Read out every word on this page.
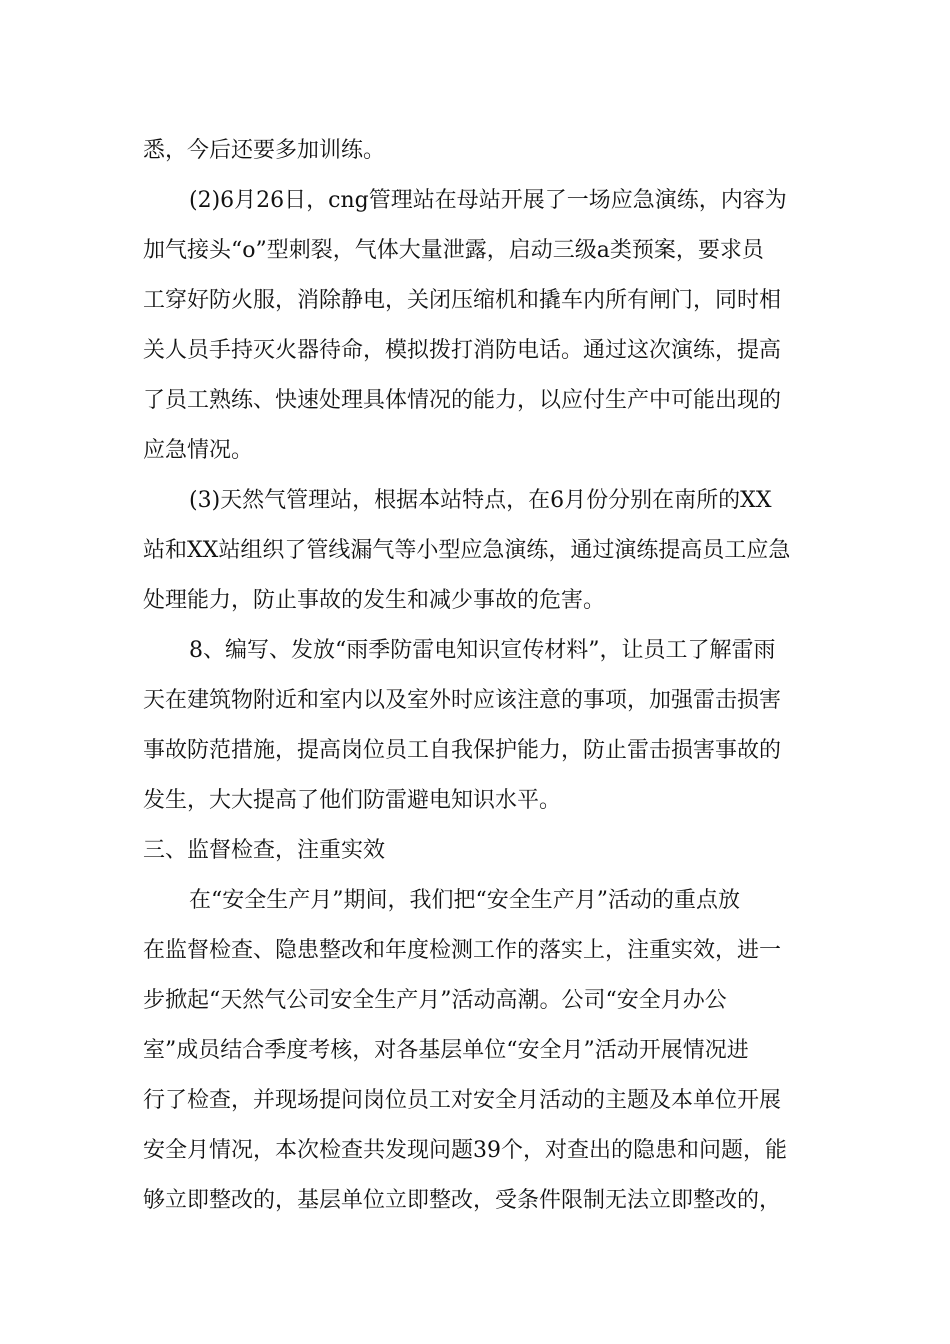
悉，今后还要多加训练。
(2)6月26日，cng管理站在母站开展了一场应急演练，内容为
加气接头“o”型刺裂，气体大量泄露，启动三级a类预案，要求员
工穿好防火服，消除静电，关闭压缩机和撬车内所有闸门，同时相
关人员手持灭火器待命，模拟拨打消防电话。通过这次演练，提高
了员工熟练、快速处理具体情况的能力，以应付生产中可能出现的
应急情况。
(3)天然气管理站，根据本站特点，在6月份分别在南所的XX
站和XX站组织了管线漏气等小型应急演练，通过演练提高员工应急
处理能力，防止事故的发生和减少事故的危害。
8、编写、发放“雨季防雷电知识宣传材料”，让员工了解雷雨
天在建筑物附近和室内以及室外时应该注意的事项，加强雷击损害
事故防范措施，提高岗位员工自我保护能力，防止雷击损害事故的
发生，大大提高了他们防雷避电知识水平。
三、监督检查，注重实效
在“安全生产月”期间，我们把“安全生产月”活动的重点放
在监督检查、隐患整改和年度检测工作的落实上，注重实效，进一
步掀起“天然气公司安全生产月”活动高潮。公司“安全月办公
室”成员结合季度考核，对各基层单位“安全月”活动开展情况进
行了检查，并现场提问岗位员工对安全月活动的主题及本单位开展
安全月情况，本次检查共发现问题39个，对查出的隐患和问题，能
够立即整改的，基层单位立即整改，受条件限制无法立即整改的，
